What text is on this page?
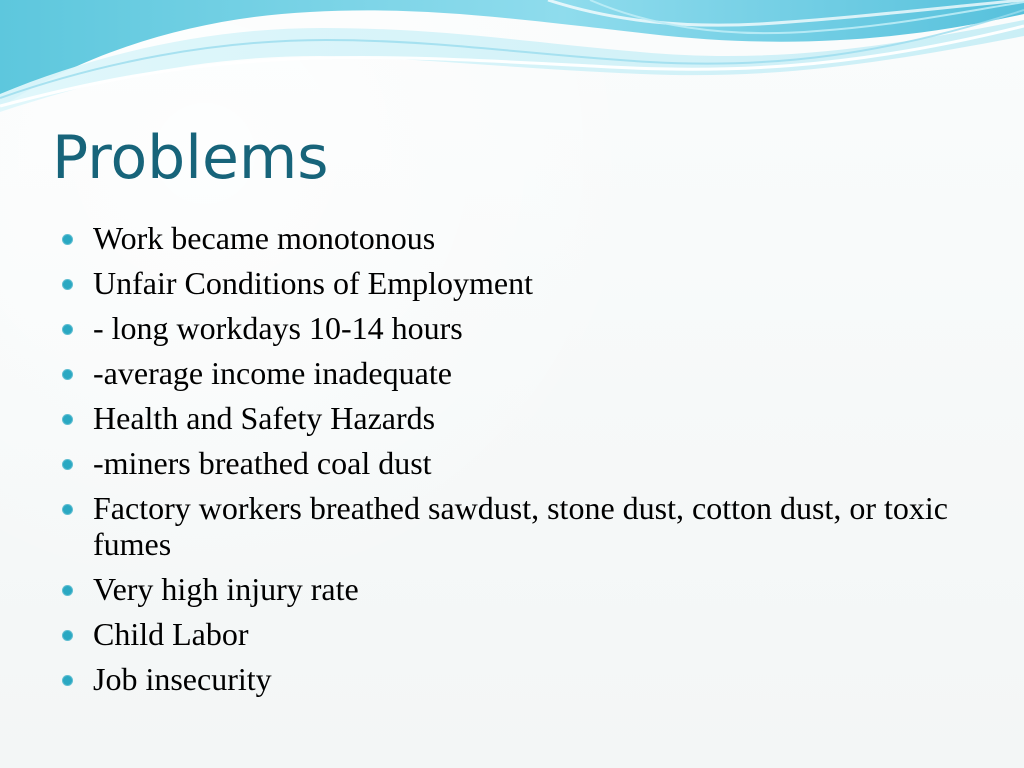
Problems
Work became monotonous
Unfair Conditions of Employment
- long workdays 10-14 hours
-average income inadequate
Health and Safety Hazards
-miners breathed coal dust
Factory workers breathed sawdust, stone dust, cotton dust, or toxic fumes
Very high injury rate
Child Labor
Job insecurity
